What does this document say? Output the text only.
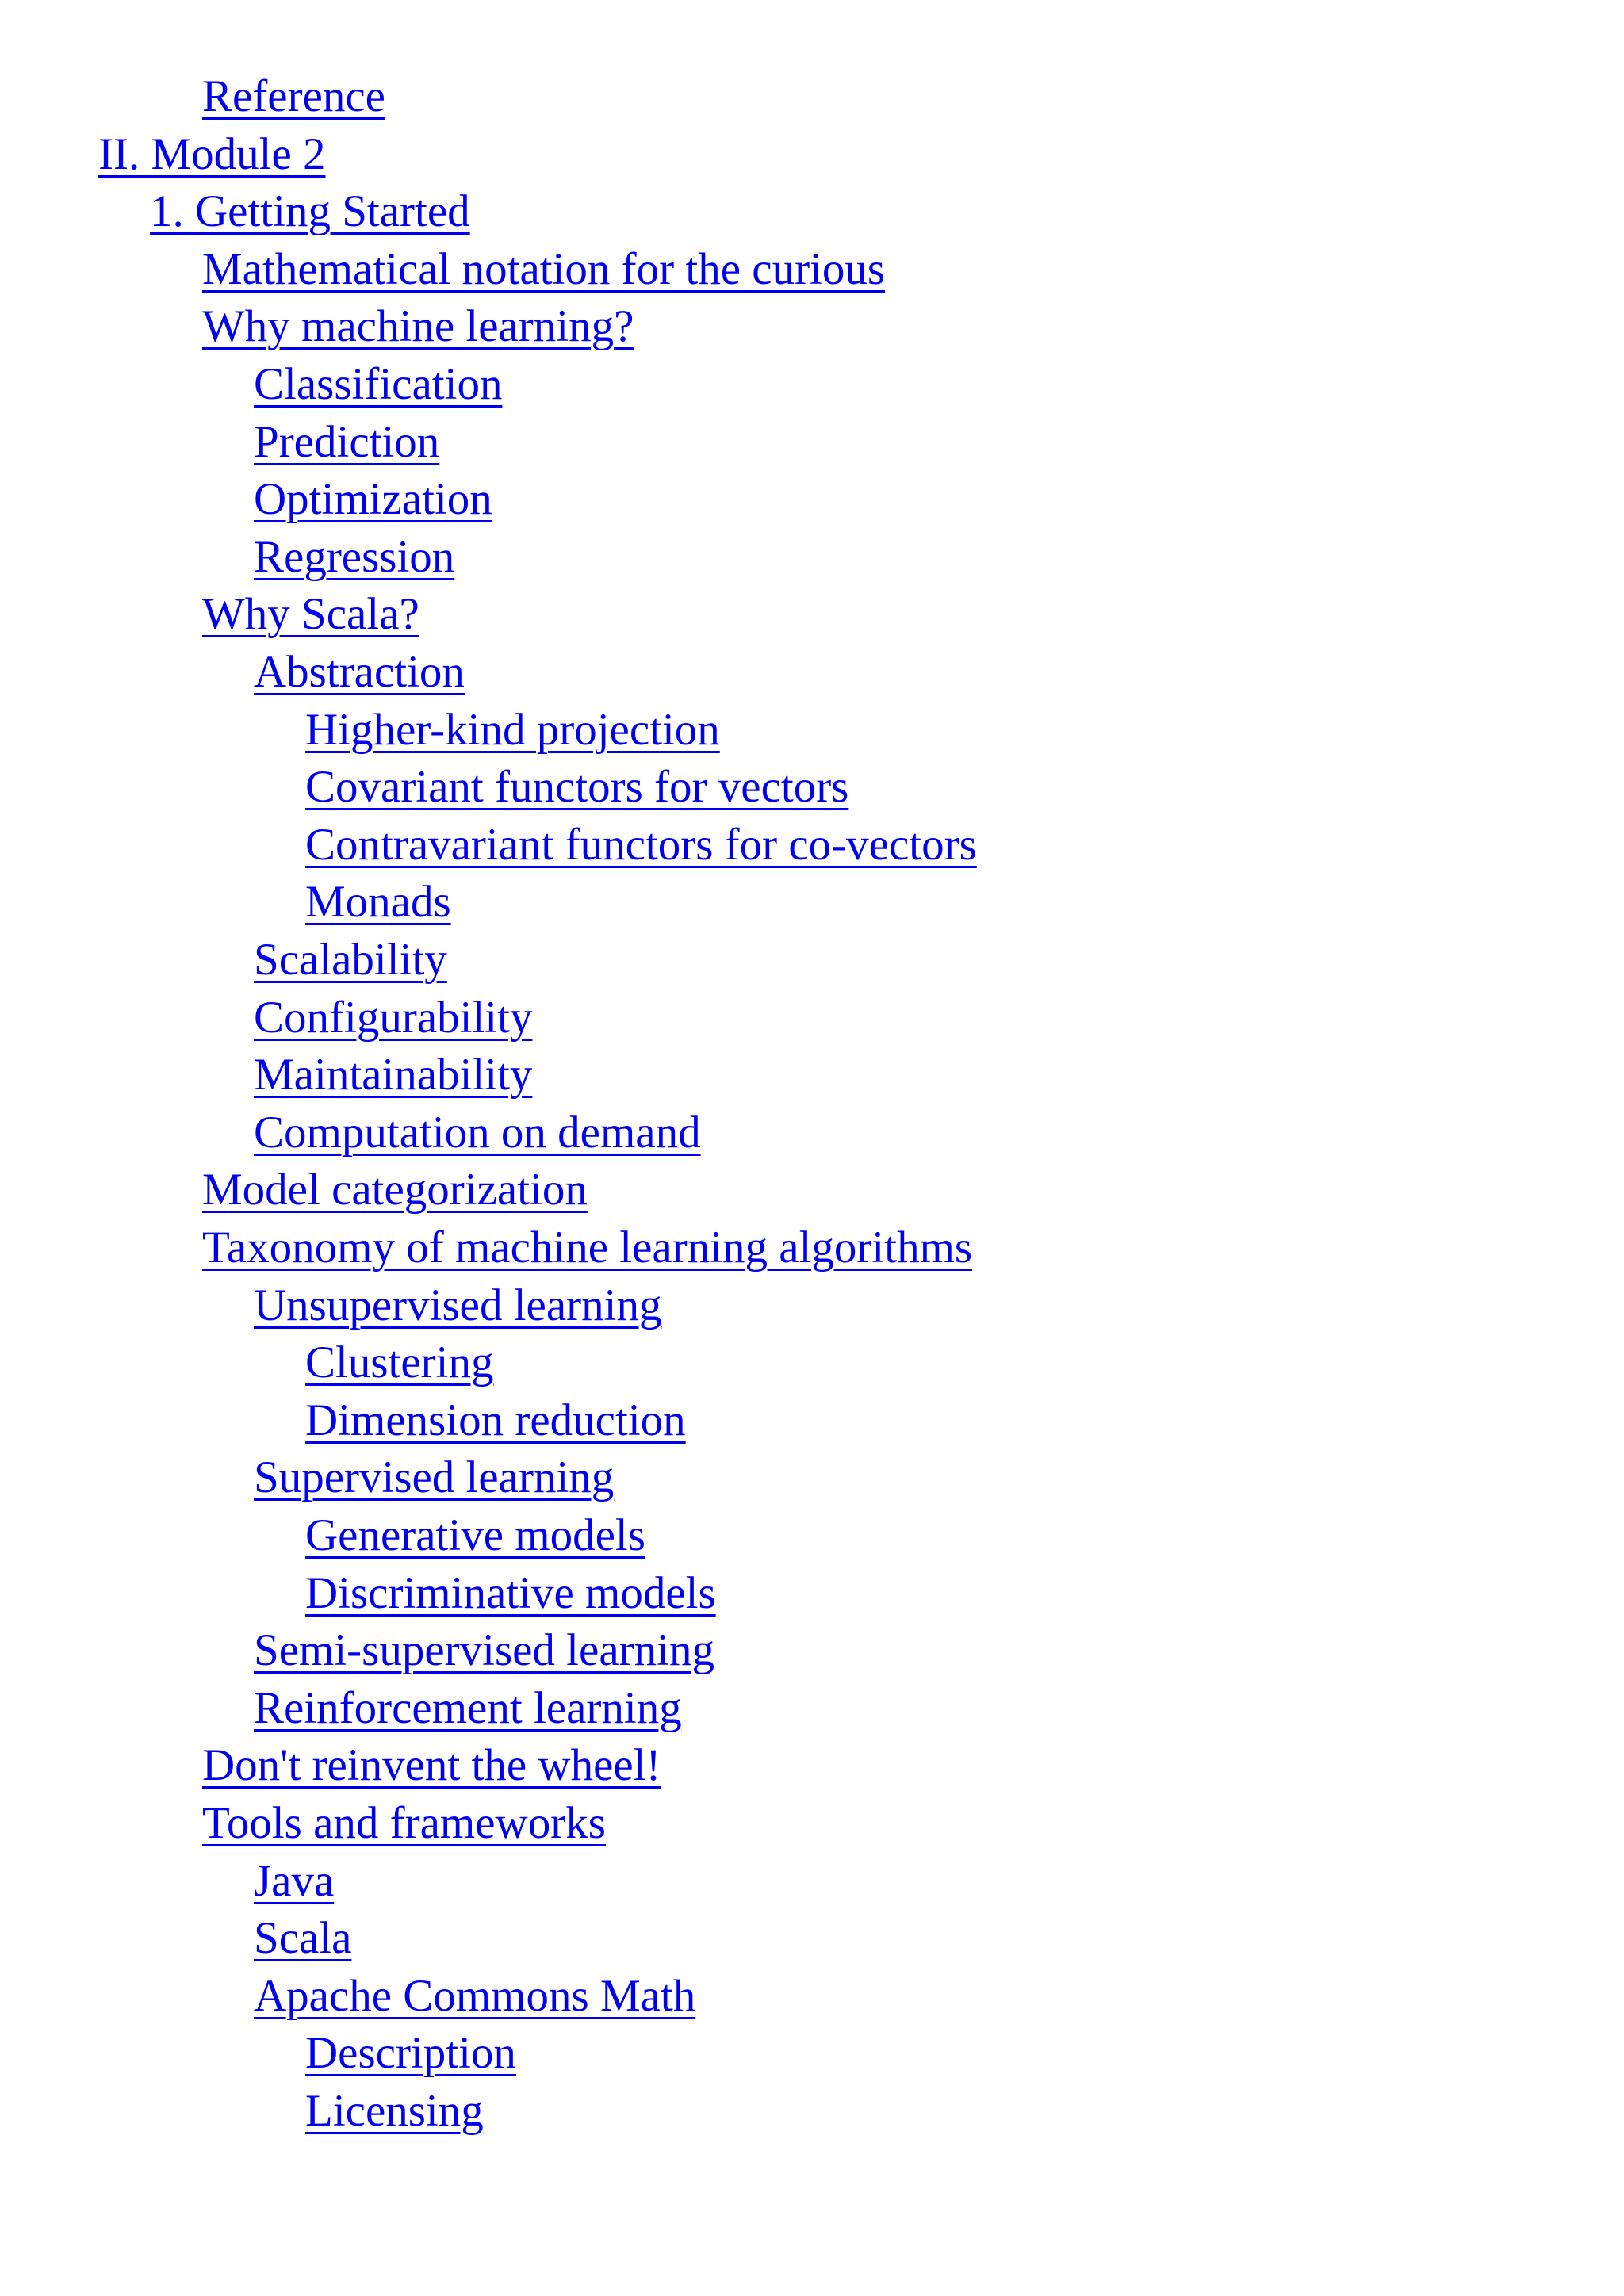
Reference
II. Module 2
1. Getting Started
Mathematical notation for the curious
Why machine learning?
Classification
Prediction
Optimization
Regression
Why Scala?
Abstraction
Higher-kind projection
Covariant functors for vectors
Contravariant functors for co-vectors
Monads
Scalability
Configurability
Maintainability
Computation on demand
Model categorization
Taxonomy of machine learning algorithms
Unsupervised learning
Clustering
Dimension reduction
Supervised learning
Generative models
Discriminative models
Semi-supervised learning
Reinforcement learning
Don't reinvent the wheel!
Tools and frameworks
Java
Scala
Apache Commons Math
Description
Licensing
